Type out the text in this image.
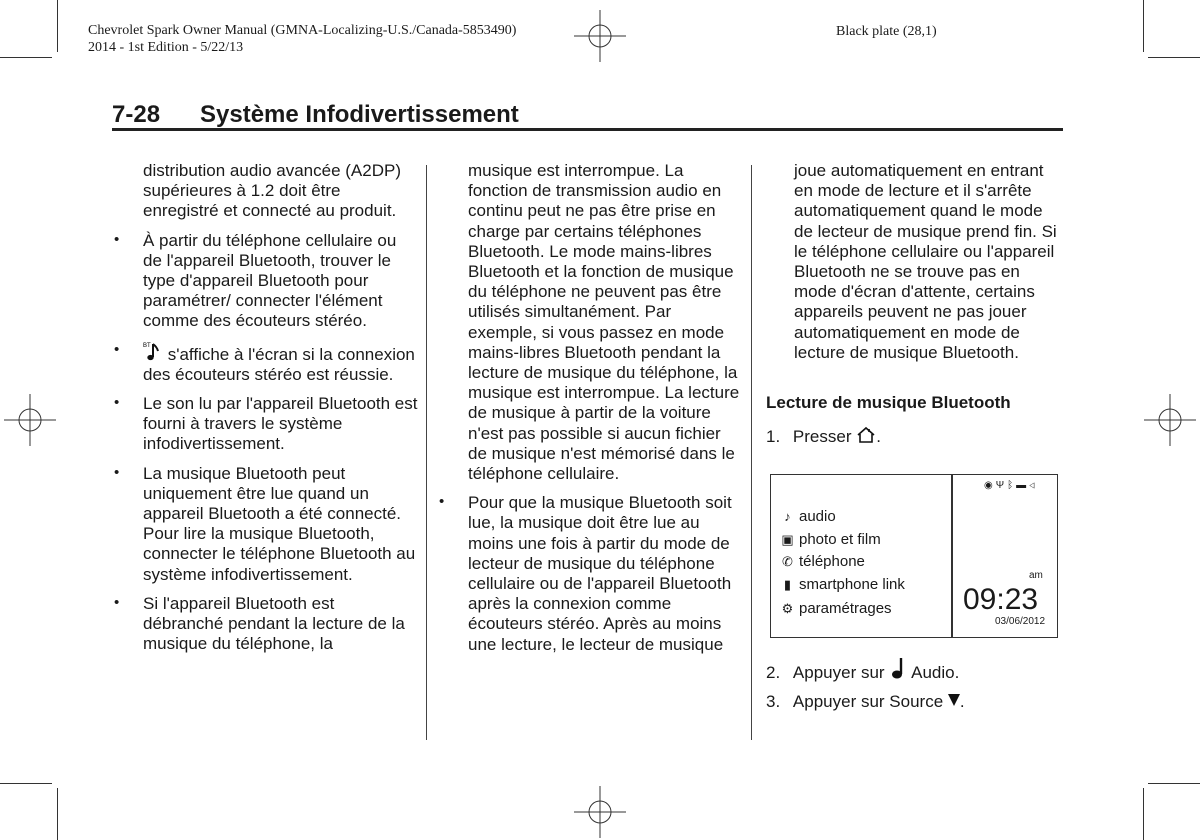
Chevrolet Spark Owner Manual (GMNA-Localizing-U.S./Canada-5853490)
2014 - 1st Edition - 5/22/13
Black plate (28,1)
7-28 Système Infodivertissement

distribution audio avancée (A2DP) supérieures à 1.2 doit être enregistré et connecté au produit.

• À partir du téléphone cellulaire ou de l'appareil Bluetooth, trouver le type d'appareil Bluetooth pour paramétrer/ connecter l'élément comme des écouteurs stéréo.

•	BT s'affiche à l'écran si la connexion des écouteurs stéréo est réussie.

• Le son lu par l'appareil Bluetooth est fourni à travers le système infodivertissement.

• La musique Bluetooth peut uniquement être lue quand un appareil Bluetooth a été connecté. Pour lire la musique Bluetooth, connecter le téléphone Bluetooth au système infodivertissement.

• Si l'appareil Bluetooth est débranché pendant la lecture de la musique du téléphone, la

musique est interrompue. La fonction de transmission audio en continu peut ne pas être prise en charge par certains téléphones Bluetooth. Le mode mains-libres Bluetooth et la fonction de musique du téléphone ne peuvent pas être utilisés simultanément. Par exemple, si vous passez en mode mains-libres Bluetooth pendant la lecture de musique du téléphone, la musique est interrompue. La lecture de musique à partir de la voiture n'est pas possible si aucun fichier de musique n'est mémorisé dans le téléphone cellulaire.

• Pour que la musique Bluetooth soit lue, la musique doit être lue au moins une fois à partir du mode de lecteur de musique du téléphone cellulaire ou de l'appareil Bluetooth après la connexion comme écouteurs stéréo. Après au moins une lecture, le lecteur de musique

joue automatiquement en entrant en mode de lecture et il s'arrête automatiquement quand le mode de lecteur de musique prend fin. Si le téléphone cellulaire ou l'appareil Bluetooth ne se trouve pas en mode d'écran d'attente, certains appareils peuvent ne pas jouer automatiquement en mode de lecture de musique Bluetooth.

Lecture de musique Bluetooth
1. Presser .
♪ audio
▣ photo et film
✆ téléphone
▮ smartphone link
⚙ paramétrages
◉Ψᛒ▬◁
am
09:23
03/06/2012
2. Appuyer sur Audio.
3. Appuyer sur Source .
